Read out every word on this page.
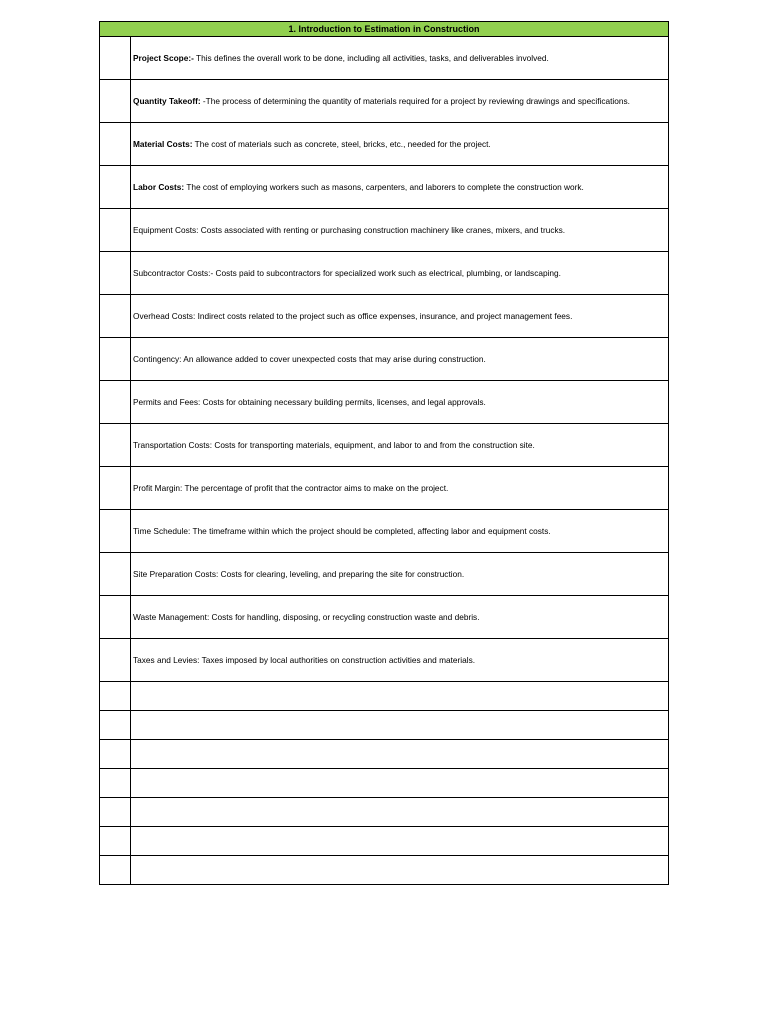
1. Introduction to Estimation in Construction	
	Project Scope:- This defines the overall work to be done, including all activities, tasks, and deliverables involved.
	Quantity Takeoff: -The process of determining the quantity of materials required for a project by reviewing drawings and specifications.
	Material Costs: The cost of materials such as concrete, steel, bricks, etc., needed for the project.
	Labor Costs: The cost of employing workers such as masons, carpenters, and laborers to complete the construction work.
	Equipment Costs: Costs associated with renting or purchasing construction machinery like cranes, mixers, and trucks.
	Subcontractor Costs:- Costs paid to subcontractors for specialized work such as electrical, plumbing, or landscaping.
	Overhead Costs: Indirect costs related to the project such as office expenses, insurance, and project management fees.
	Contingency: An allowance added to cover unexpected costs that may arise during construction.
	Permits and Fees: Costs for obtaining necessary building permits, licenses, and legal approvals.
	Transportation Costs: Costs for transporting materials, equipment, and labor to and from the construction site.
	Profit Margin: The percentage of profit that the contractor aims to make on the project.
	Time Schedule: The timeframe within which the project should be completed, affecting labor and equipment costs.
	Site Preparation Costs: Costs for clearing, leveling, and preparing the site for construction.
	Waste Management: Costs for handling, disposing, or recycling construction waste and debris.
	Taxes and Levies: Taxes imposed by local authorities on construction activities and materials.
